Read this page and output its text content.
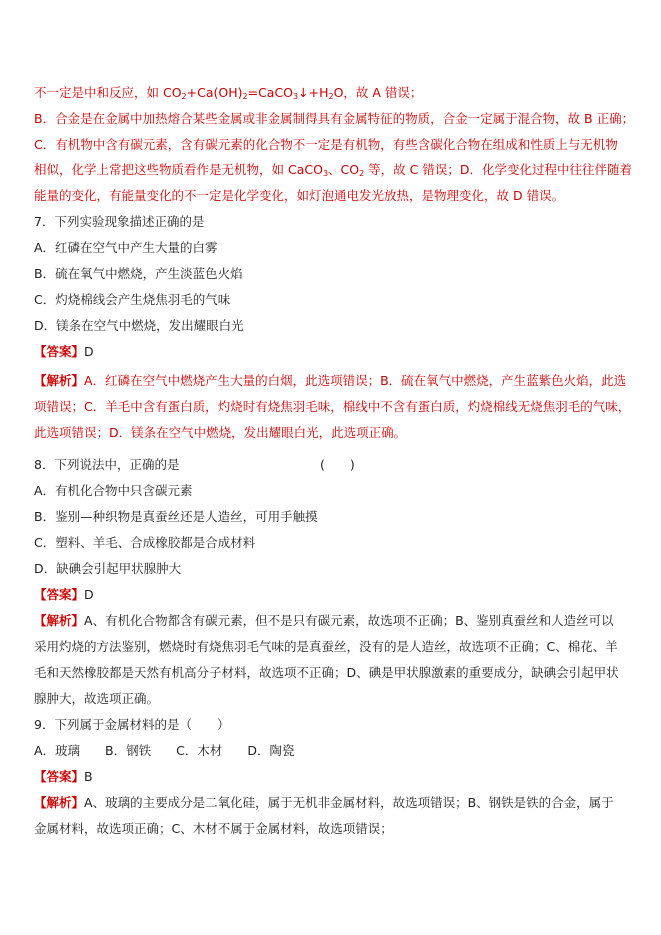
不一定是中和反应，如 $CO_2+Ca(OH)_2=CaCO_3↓+H_2O$，故 A 错误；
B．合金是在金属中加热熔合某些金属或非金属制得具有金属特征的物质，合金一定属于混合物，故 B 正确；
C．有机物中含有碳元素，含有碳元素的化合物不一定是有机物，有些含碳化合物在组成和性质上与无机物
相似，化学上常把这些物质看作是无机物，如 CaCO$_3$、$CO_2$ 等，故 C 错误；D．化学变化过程中往往伴随着
能量的变化，有能量变化的不一定是化学变化，如灯泡通电发光放热，是物理变化，故 D 错误。
7．下列实验现象描述正确的是
A．红磷在空气中产生大量的白雾
B．硫在氧气中燃烧，产生淡蓝色火焰
C．灼烧棉线会产生烧焦羽毛的气味
D．镁条在空气中燃烧，发出耀眼白光
【答案】D
【解析】A．红磷在空气中燃烧产生大量的白烟，此选项错误；B．硫在氧气中燃烧，产生蓝紫色火焰，此选
项错误；C．羊毛中含有蛋白质，灼烧时有烧焦羽毛味，棉线中不含有蛋白质，灼烧棉线无烧焦羽毛的气味，
此选项错误；D．镁条在空气中燃烧，发出耀眼白光，此选项正确。
8．下列说法中，正确的是	(　　)
A．有机化合物中只含碳元素
B．鉴别—种织物是真蚕丝还是人造丝，可用手触摸
C．塑料、羊毛、合成橡胶都是合成材料
D．缺碘会引起甲状腺肿大
【答案】D
【解析】A、有机化合物都含有碳元素，但不是只有碳元素，故选项不正确；B、鉴别真蚕丝和人造丝可以
采用灼烧的方法鉴别，燃烧时有烧焦羽毛气味的是真蚕丝，没有的是人造丝，故选项不正确；C、棉花、羊
毛和天然橡胶都是天然有机高分子材料，故选项不正确；D、碘是甲状腺激素的重要成分，缺碘会引起甲状
腺肿大，故选项正确。
9．下列属于金属材料的是（　　）
A．玻璃　　B．钢铁　　C．木材　　D．陶瓷
【答案】B
【解析】A、玻璃的主要成分是二氧化硅，属于无机非金属材料，故选项错误；B、钢铁是铁的合金，属于
金属材料，故选项正确；C、木材不属于金属材料，故选项错误；
